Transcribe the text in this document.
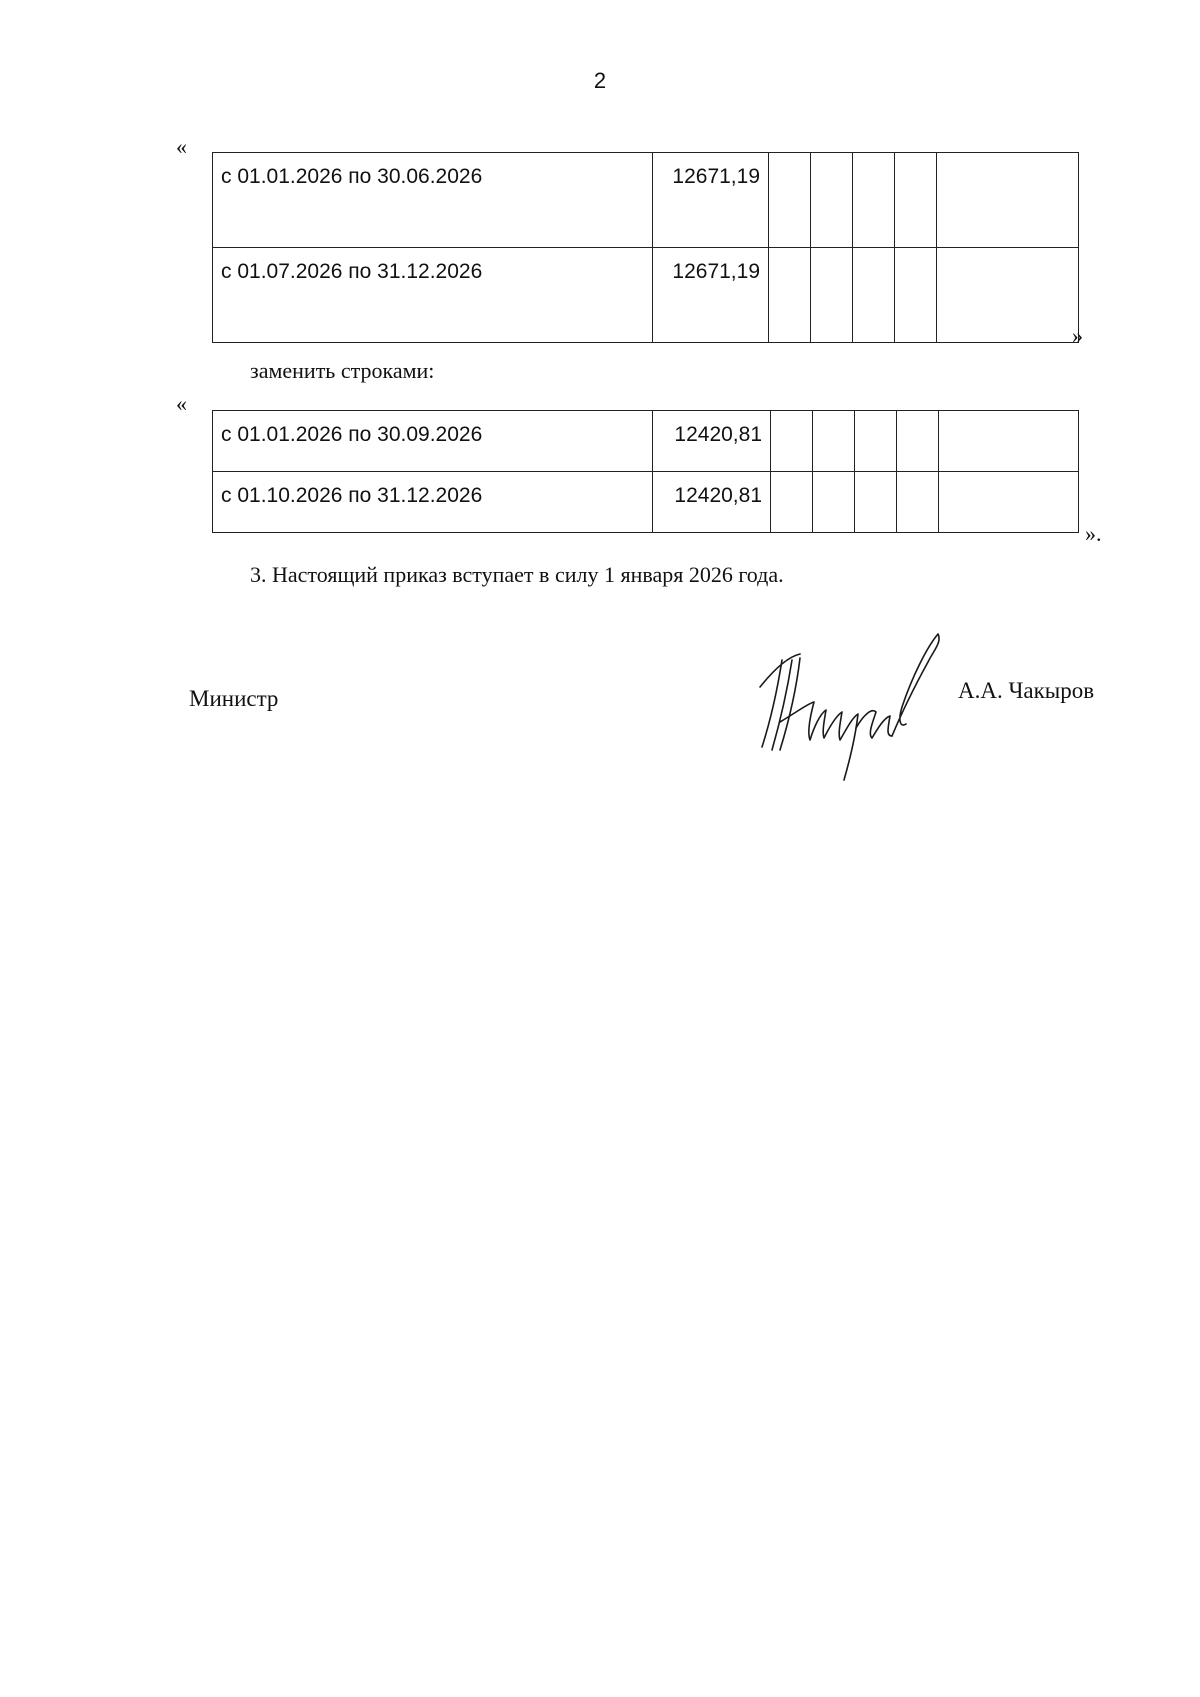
2
«
с 01.01.2026 по 30.06.2026	12671,19					
с 01.07.2026 по 31.12.2026	12671,19					
»
заменить строками:
«
с 01.01.2026 по 30.09.2026	12420,81					
с 01.10.2026 по 31.12.2026	12420,81					
».
3. Настоящий приказ вступает в силу 1 января 2026 года.
Министр	А.А. Чакыров
